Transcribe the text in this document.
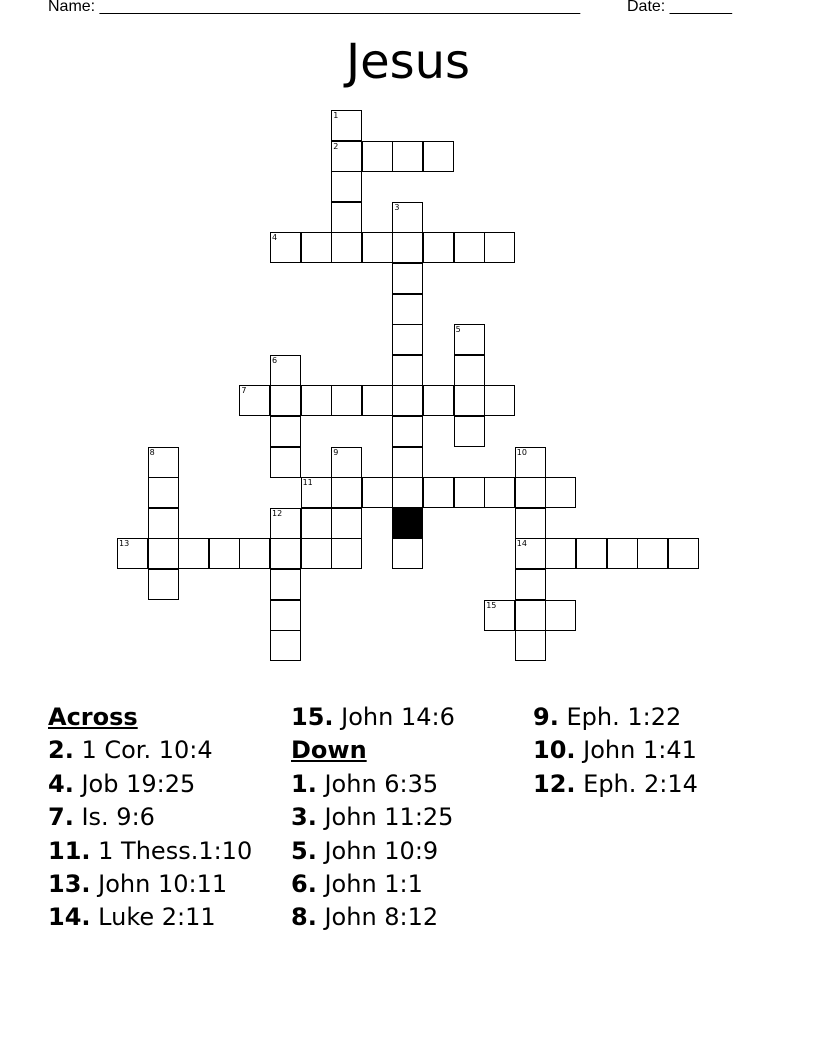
Name: ______________________________________________________	Date: _______
Jesus
1
2
3
4
5
6
7
8	9	10
11
12
13	14
15
Across
2. 1 Cor. 10:4
4. Job 19:25
7. Is. 9:6
11. 1 Thess.1:10
13. John 10:11
14. Luke 2:11
15. John 14:6
Down
1. John 6:35
3. John 11:25
5. John 10:9
6. John 1:1
8. John 8:12
9. Eph. 1:22
10. John 1:41
12. Eph. 2:14
